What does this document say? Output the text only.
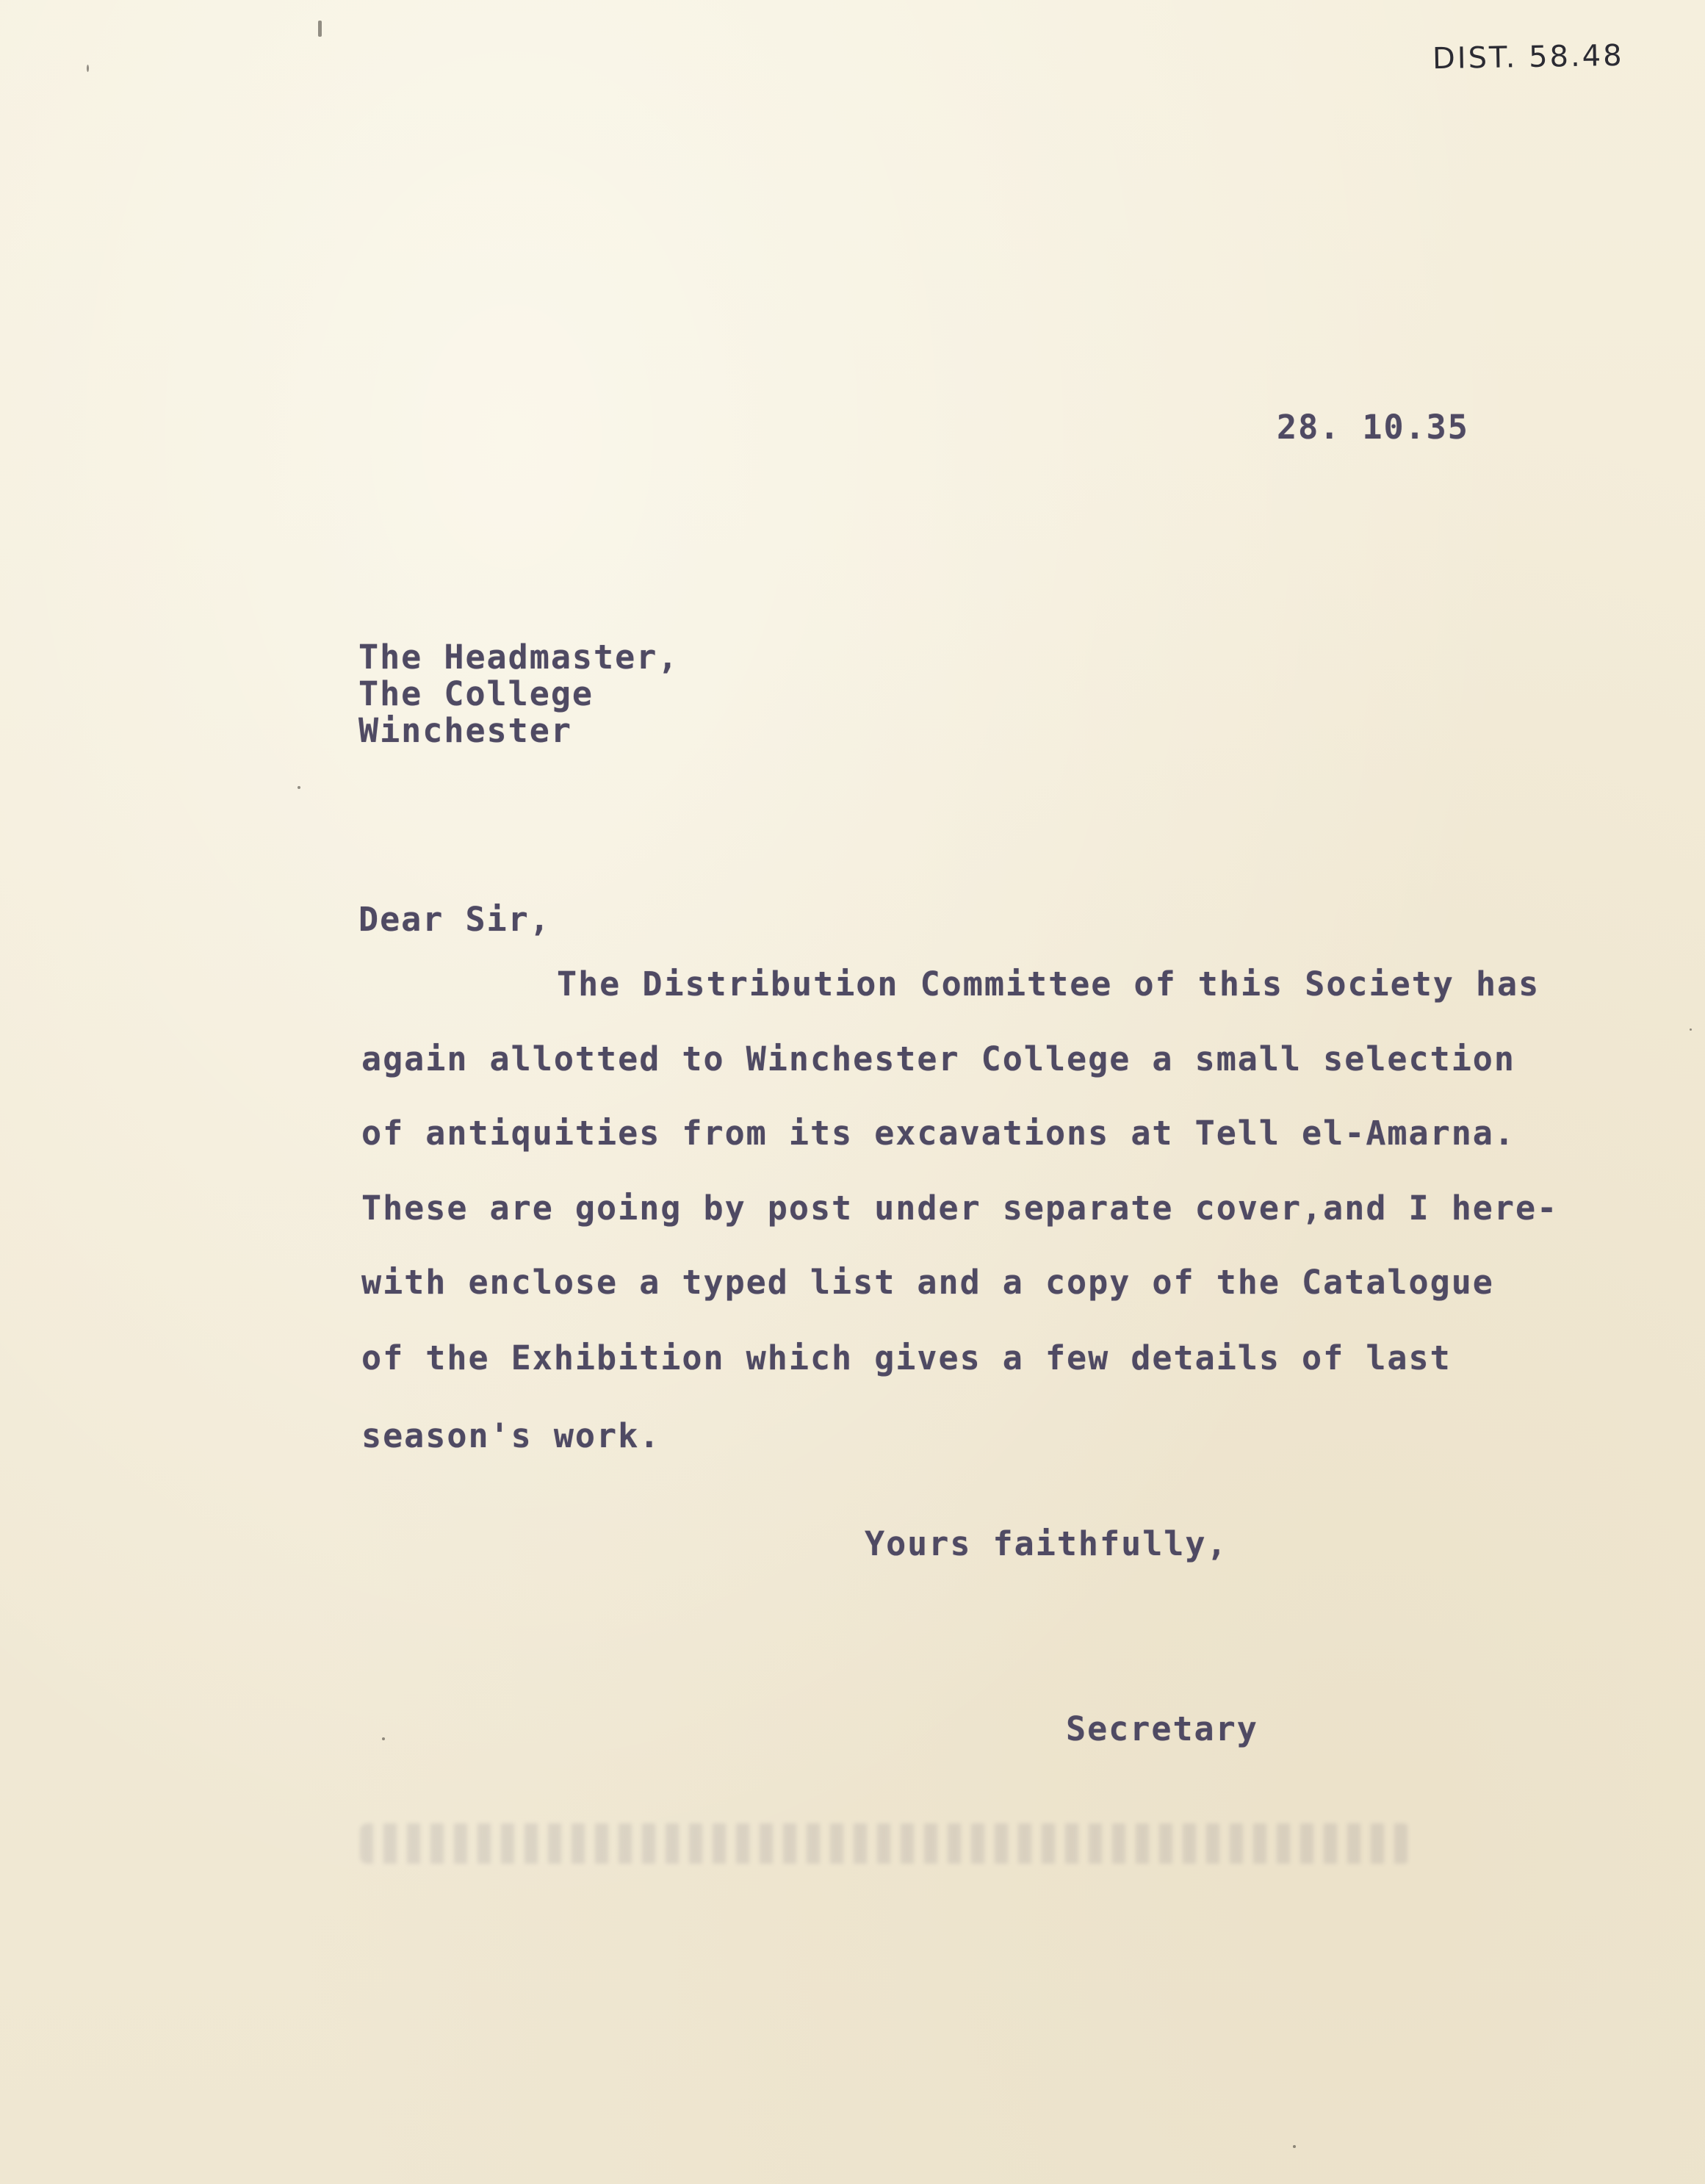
DIST. 58.48
28. 10.35
The Headmaster,
The College
Winchester
Dear Sir,
The Distribution Committee of this Society has
again allotted to Winchester College a small selection
of antiquities from its excavations at Tell el-Amarna.
These are going by post under separate cover,and I here-
with enclose a typed list and a copy of the Catalogue
of the Exhibition which gives a few details of last
season's work.
Yours faithfully,
Secretary
